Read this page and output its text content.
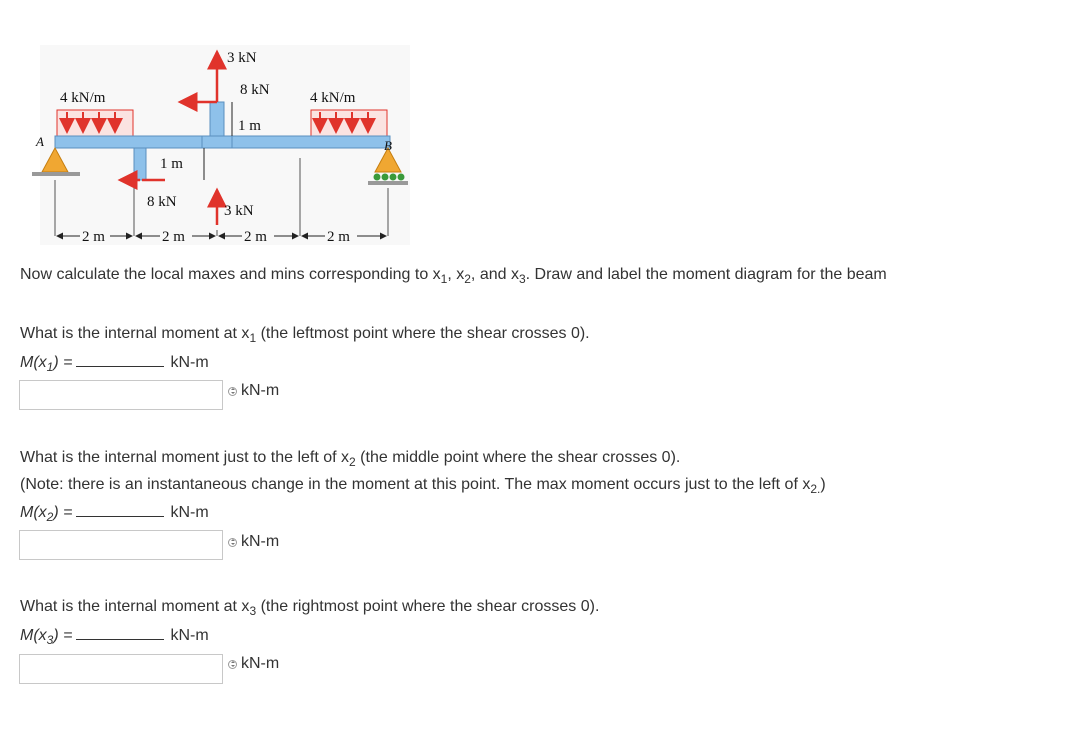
3 kN
8 kN
4 kN/m	4 kN/m
1 m
1 m
8 kN
3 kN
A	B
2 m	2 m	2 m	2 m
Now calculate the local maxes and mins corresponding to $x_1$, $x_2$, and $x_3$. Draw and label the moment diagram for the beam
What is the internal moment at $x_1$ (the leftmost point where the shear crosses 0).
$M(x_1)$ =	kN-m
kN-m
What is the internal moment just to the left of $x_2$ (the middle point where the shear crosses 0).
(Note: there is an instantaneous change in the moment at this point. The max moment occurs just to the left of $x_{2.}$)
$M(x_2)$ =	kN-m
kN-m
What is the internal moment at $x_3$ (the rightmost point where the shear crosses 0).
$M(x_3)$ =	kN-m
kN-m
